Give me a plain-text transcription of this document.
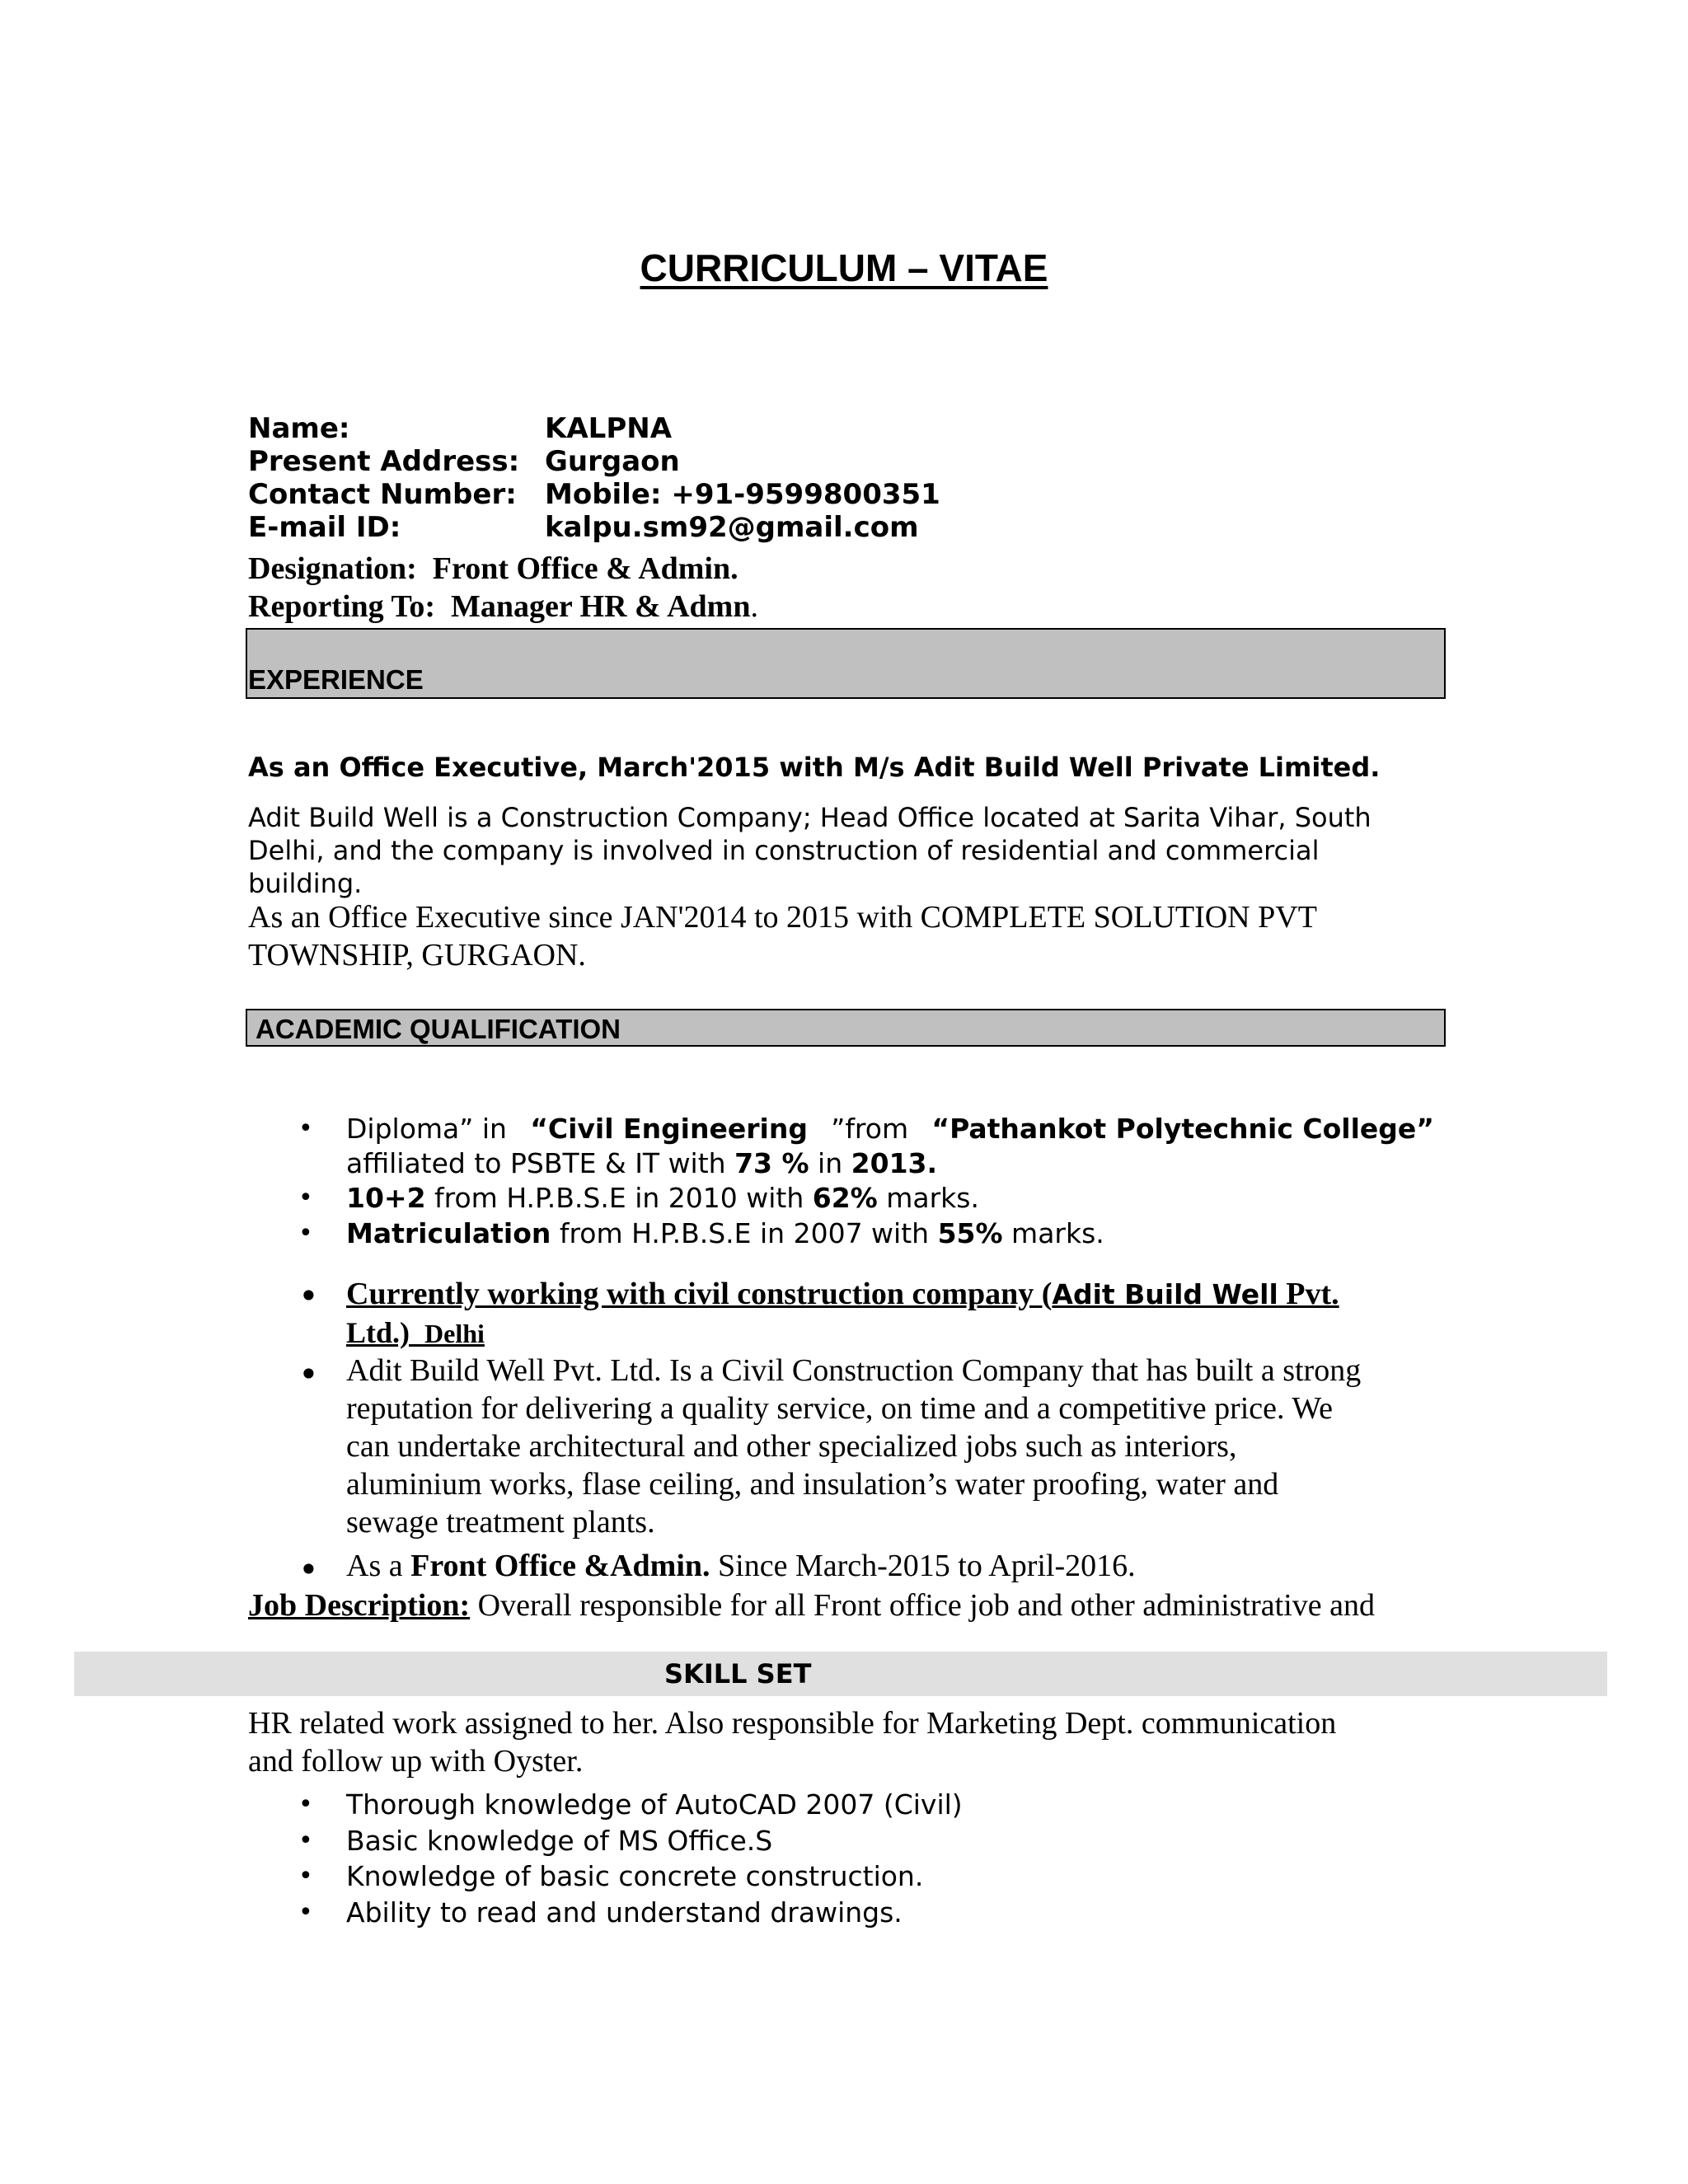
CURRICULUM – VITAE
Name:	KALPNA
Present Address: Gurgaon
Contact Number: Mobile: +91-9599800351
E-mail ID:	kalpu.sm92@gmail.com
Designation: Front Office & Admin.
Reporting To: Manager HR & Admn.
EXPERIENCE
As an Office Executive, March'2015 with M/s Adit Build Well Private Limited.
Adit Build Well is a Construction Company; Head Office located at Sarita Vihar, South
Delhi, and the company is involved in construction of residential and commercial
building.
As an Office Executive since JAN'2014 to 2015 with COMPLETE SOLUTION PVT
TOWNSHIP, GURGAON.
ACADEMIC QUALIFICATION
• Diploma” in “Civil Engineering ”from “Pathankot Polytechnic College”
affiliated to PSBTE & IT with 73 % in 2013.
• 10+2 from H.P.B.S.E in 2010 with 62% marks.
• Matriculation from H.P.B.S.E in 2007 with 55% marks.
• Currently working with civil construction company (Adit Build Well Pvt.
Ltd.) Delhi
• Adit Build Well Pvt. Ltd. Is a Civil Construction Company that has built a strong
reputation for delivering a quality service, on time and a competitive price. We
can undertake architectural and other specialized jobs such as interiors,
aluminium works, flase ceiling, and insulation’s water proofing, water and
sewage treatment plants.
• As a Front Office &Admin. Since March-2015 to April-2016.
Job Description: Overall responsible for all Front office job and other administrative and
SKILL SET
HR related work assigned to her. Also responsible for Marketing Dept. communication
and follow up with Oyster.
• Thorough knowledge of AutoCAD 2007 (Civil)
• Basic knowledge of MS Office.S
• Knowledge of basic concrete construction.
• Ability to read and understand drawings.
